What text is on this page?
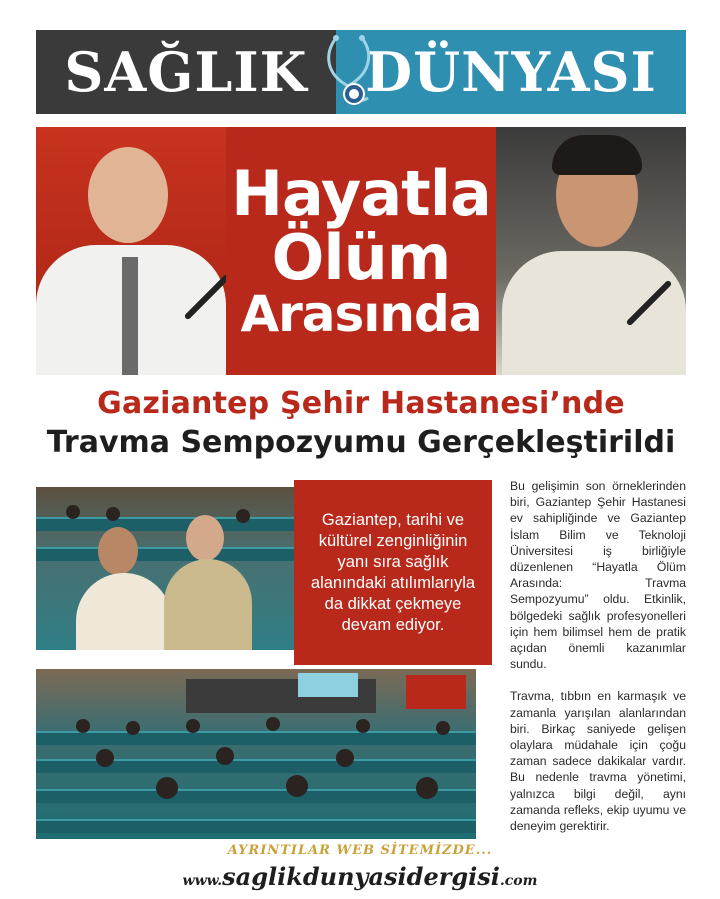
SAĞLIK DÜNYASI
Hayatla
Ölüm
Arasında
Gaziantep Şehir Hastanesi’nde
Travma Sempozyumu Gerçekleştirildi
Gaziantep, tarihi ve kültürel zenginliğinin yanı sıra sağlık alanındaki atılımlarıyla da dikkat çekmeye devam ediyor.

Bu gelişimin son örneklerinden biri, Gaziantep Şehir Hastanesi ev sahipliğinde ve Gaziantep İslam Bilim ve Teknoloji Üniversitesi iş birliğiyle düzenlenen “Hayatla Ölüm Arasında: Travma Sempozyumu” oldu. Etkinlik, bölgedeki sağlık profesyonelleri için hem bilimsel hem de pratik açıdan önemli kazanımlar sundu.

Travma, tıbbın en karmaşık ve zamanla yarışılan alanlarından biri. Birkaç saniyede gelişen olaylara müdahale için çoğu zaman sadece dakikalar vardır. Bu nedenle travma yönetimi, yalnızca bilgi değil, aynı zamanda refleks, ekip uyumu ve deneyim gerektirir.

AYRINTILAR WEB SİTEMİZDE...
www.saglikdunyasidergisi.com
